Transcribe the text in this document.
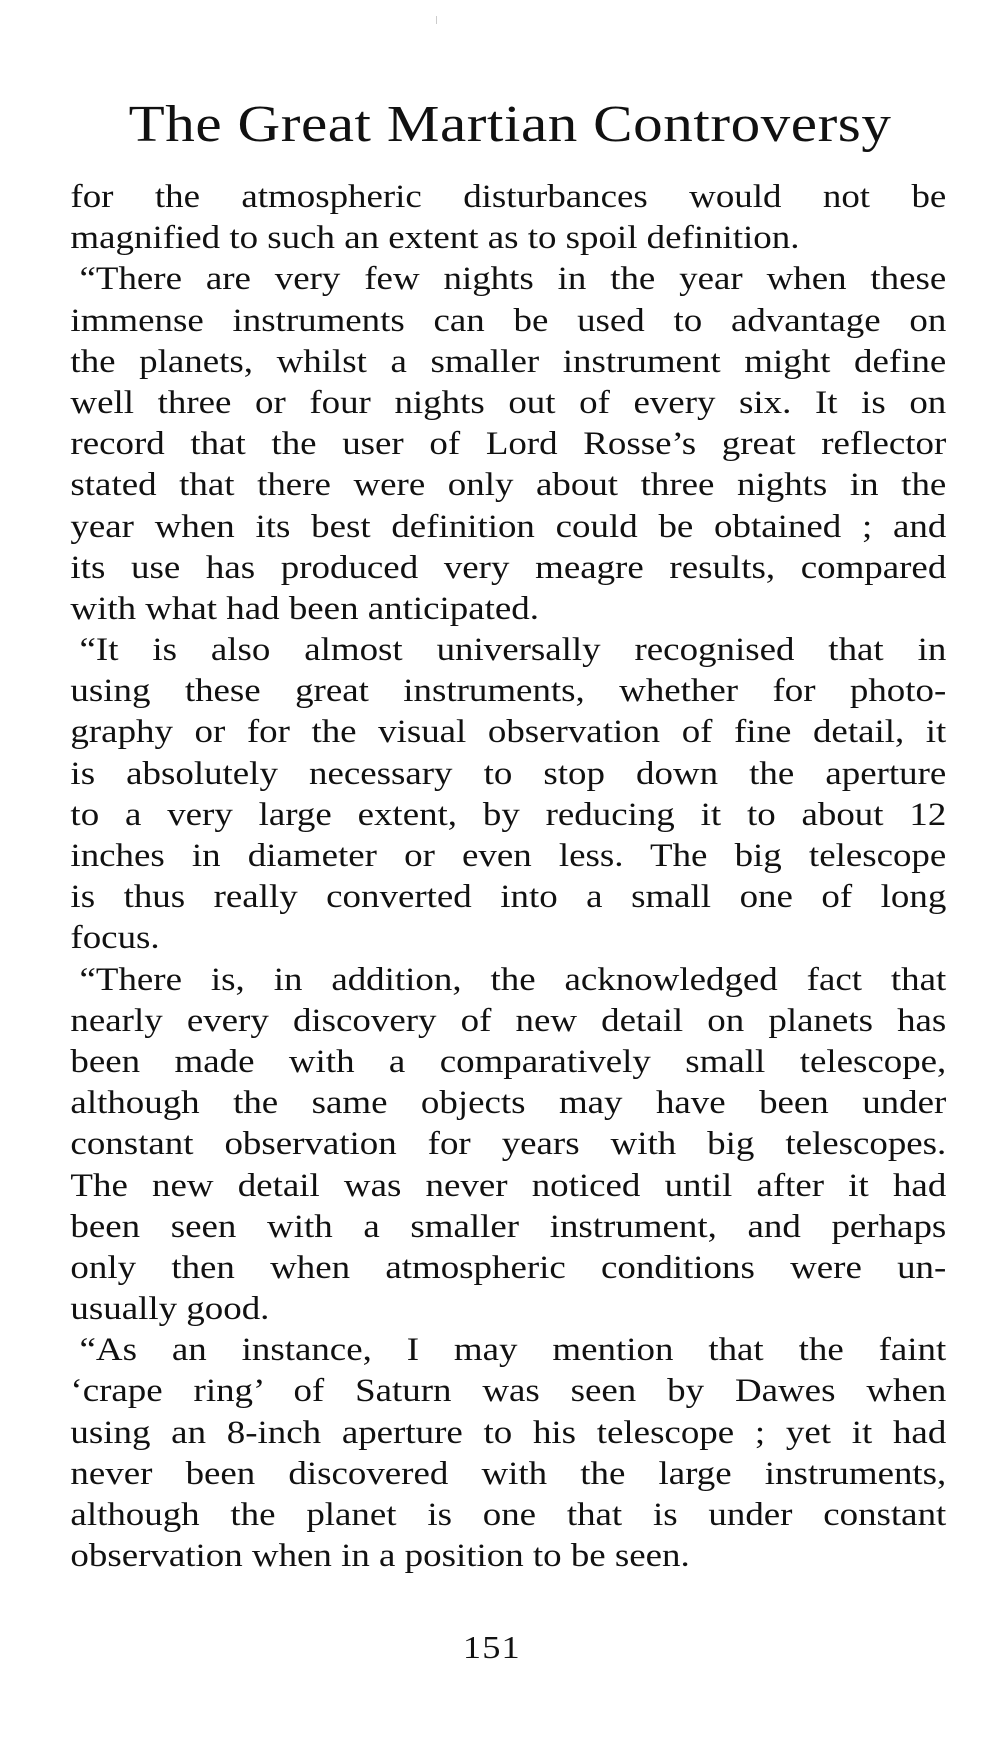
The Great Martian Controversy
for the atmospheric disturbances would not be
magnified to such an extent as to spoil definition.
“There are very few nights in the year when these
immense instruments can be used to advantage on
the planets, whilst a smaller instrument might define
well three or four nights out of every six. It is on
record that the user of Lord Rosse’s great reflector
stated that there were only about three nights in the
year when its best definition could be obtained ; and
its use has produced very meagre results, compared
with what had been anticipated.
“It is also almost universally recognised that in
using these great instruments, whether for photo-
graphy or for the visual observation of fine detail, it
is absolutely necessary to stop down the aperture
to a very large extent, by reducing it to about 12
inches in diameter or even less. The big telescope
is thus really converted into a small one of long
focus.
“There is, in addition, the acknowledged fact that
nearly every discovery of new detail on planets has
been made with a comparatively small telescope,
although the same objects may have been under
constant observation for years with big telescopes.
The new detail was never noticed until after it had
been seen with a smaller instrument, and perhaps
only then when atmospheric conditions were un-
usually good.
“As an instance, I may mention that the faint
‘crape ring’ of Saturn was seen by Dawes when
using an 8-inch aperture to his telescope ; yet it had
never been discovered with the large instruments,
although the planet is one that is under constant
observation when in a position to be seen.
151
